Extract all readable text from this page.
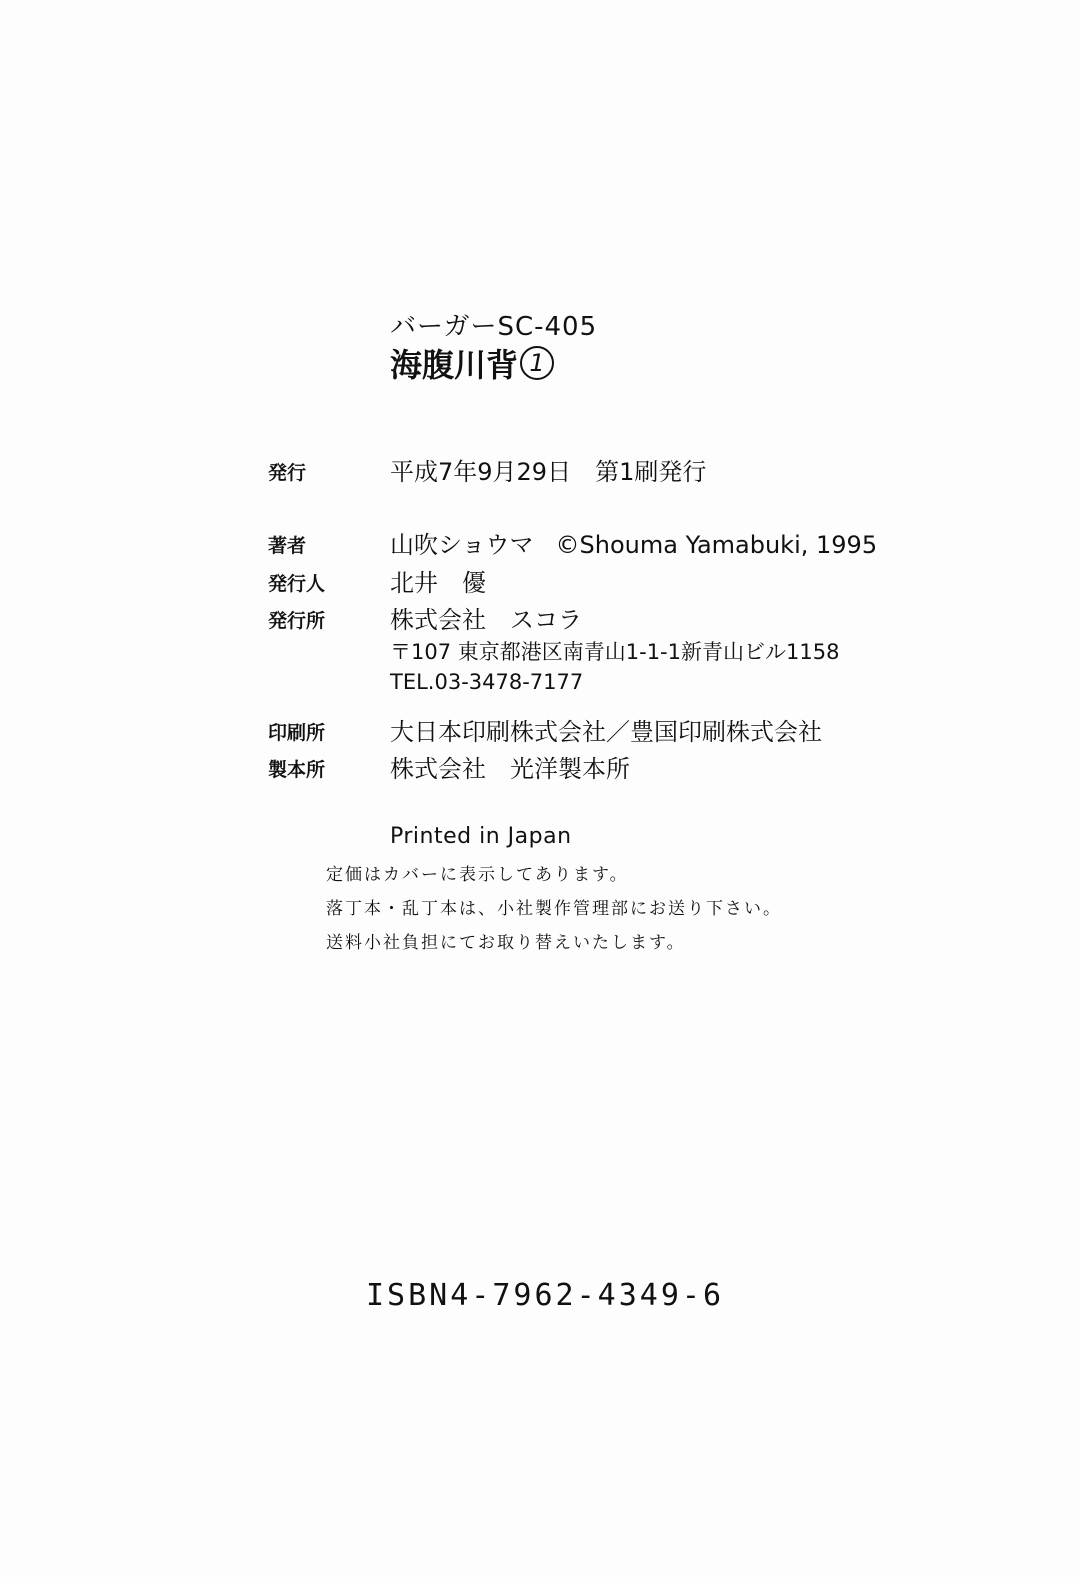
バーガーSC-405
海腹川背 1
発行	平成7年9月29日　第1刷発行
著者	山吹ショウマ ©Shouma Yamabuki, 1995
発行人	北井　優
発行所	株式会社　スコラ
〒107 東京都港区南青山1-1-1新青山ビル1158
TEL.03-3478-7177
印刷所	大日本印刷株式会社／豊国印刷株式会社
製本所	株式会社　光洋製本所
Printed in Japan
定価はカバーに表示してあります。
落丁本・乱丁本は、小社製作管理部にお送り下さい。
送料小社負担にてお取り替えいたします。
ISBN4-7962-4349-6
